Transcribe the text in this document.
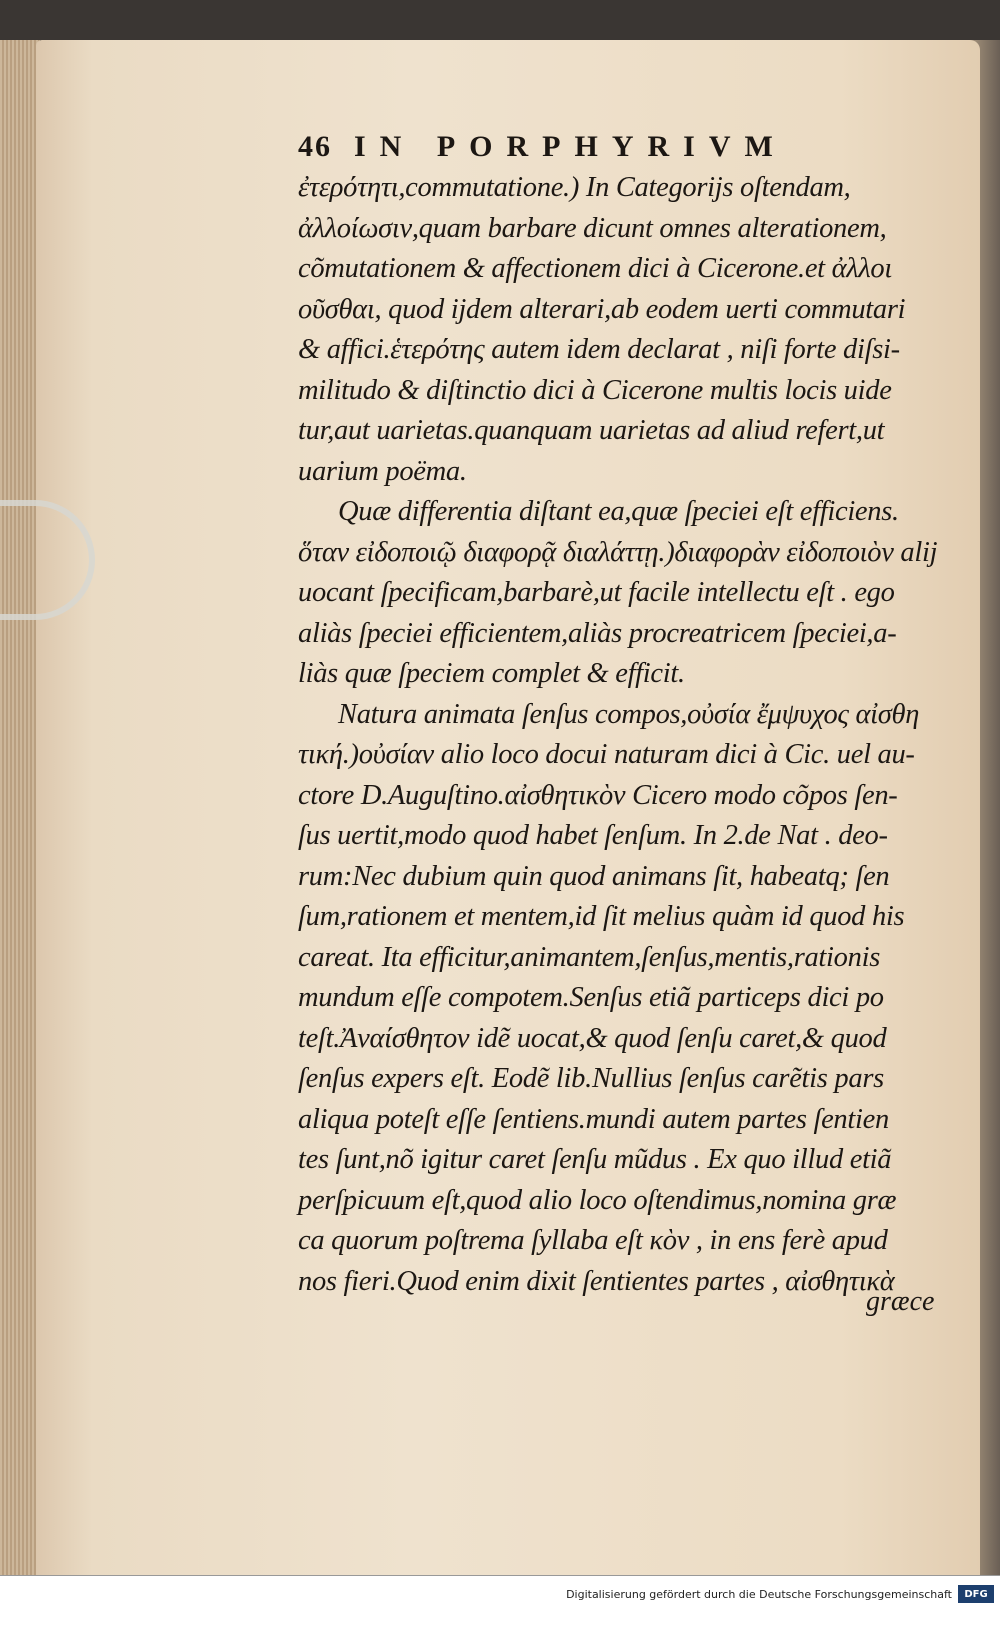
46 IN PORPHYRIVM
ἐτερότητι,commutatione.) In Categorijs oſtendam,
ἀλλοίωσιν,quam barbare dicunt omnes alterationem,
cõmutationem & affectionem dici à Cicerone.et ἀλλοι
οῦσθαι, quod ijdem alterari,ab eodem uerti commutari
& affici.ἑτερότης autem idem declarat , niſi forte diſsi-
militudo & diſtinctio dici à Cicerone multis locis uide
tur,aut uarietas.quanquam uarietas ad aliud refert,ut
uarium poëma.
Quæ differentia diſtant ea,quæ ſpeciei eſt efficiens.
ὅταν εἰδοποιῷ διαφορᾷ διαλάττῃ.)διαφορὰν εἰδοποιὸν alij
uocant ſpecificam,barbarè,ut facile intellectu eſt . ego
aliàs ſpeciei efficientem,aliàs procreatricem ſpeciei,a-
liàs quæ ſpeciem complet & efficit.
Natura animata ſenſus compos,οὐσία ἔμψυχος αἰσθη
τική.)οὐσίαν alio loco docui naturam dici à Cic. uel au-
ctore D.Auguſtino.αἰσθητικὸν Cicero modo cõpos ſen-
ſus uertit,modo quod habet ſenſum. In 2.de Nat . deo-
rum:Nec dubium quin quod animans ſit, habeatq; ſen
ſum,rationem et mentem,id ſit melius quàm id quod his
careat. Ita efficitur,animantem,ſenſus,mentis,rationis
mundum eſſe compotem.Senſus etiã particeps dici po
teſt.Ἀναίσθητον idẽ uocat,& quod ſenſu caret,& quod
ſenſus expers eſt. Eodẽ lib.Nullius ſenſus carẽtis pars
aliqua poteſt eſſe ſentiens.mundi autem partes ſentien
tes ſunt,nõ igitur caret ſenſu mũdus . Ex quo illud etiã
perſpicuum eſt,quod alio loco oſtendimus,nomina græ
ca quorum poſtrema ſyllaba eſt κὸν , in ens ferè apud
nos fieri.Quod enim dixit ſentientes partes , αἰσθητικὰ
græce
Digitalisierung gefördert durch die Deutsche Forschungsgemeinschaft	DFG
